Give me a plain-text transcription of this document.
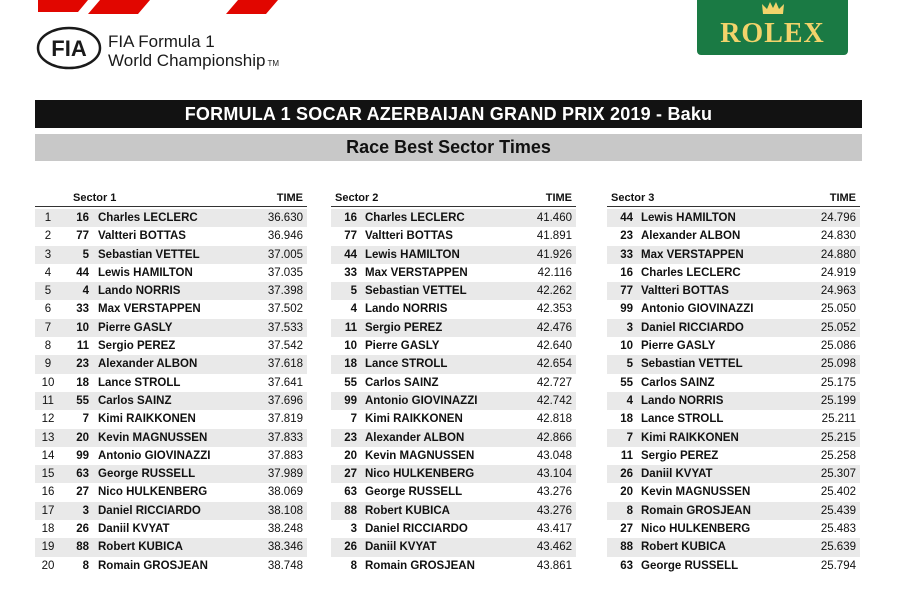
FIA FIA Formula 1
World Championship TM
ROLEX
FORMULA 1 SOCAR AZERBAIJAN GRAND PRIX 2019 - Baku
Race Best Sector Times
Sector 1	TIME
1	16 Charles LECLERC	36.630
2	77 Valtteri BOTTAS	36.946
3	5 Sebastian VETTEL	37.005
4	44 Lewis HAMILTON	37.035
5	4 Lando NORRIS	37.398
6	33 Max VERSTAPPEN	37.502
7	10 Pierre GASLY	37.533
8	11 Sergio PEREZ	37.542
9	23 Alexander ALBON	37.618
10	18 Lance STROLL	37.641
11	55 Carlos SAINZ	37.696
12	7 Kimi RAIKKONEN	37.819
13	20 Kevin MAGNUSSEN	37.833
14	99 Antonio GIOVINAZZI	37.883
15	63 George RUSSELL	37.989
16	27 Nico HULKENBERG	38.069
17	3 Daniel RICCIARDO	38.108
18	26 Daniil KVYAT	38.248
19	88 Robert KUBICA	38.346
20	8 Romain GROSJEAN	38.748
Sector 2	TIME
16 Charles LECLERC	41.460
77 Valtteri BOTTAS	41.891
44 Lewis HAMILTON	41.926
33 Max VERSTAPPEN	42.116
5 Sebastian VETTEL	42.262
4 Lando NORRIS	42.353
11 Sergio PEREZ	42.476
10 Pierre GASLY	42.640
18 Lance STROLL	42.654
55 Carlos SAINZ	42.727
99 Antonio GIOVINAZZI	42.742
7 Kimi RAIKKONEN	42.818
23 Alexander ALBON	42.866
20 Kevin MAGNUSSEN	43.048
27 Nico HULKENBERG	43.104
63 George RUSSELL	43.276
88 Robert KUBICA	43.276
3 Daniel RICCIARDO	43.417
26 Daniil KVYAT	43.462
8 Romain GROSJEAN	43.861
Sector 3	TIME
44 Lewis HAMILTON	24.796
23 Alexander ALBON	24.830
33 Max VERSTAPPEN	24.880
16 Charles LECLERC	24.919
77 Valtteri BOTTAS	24.963
99 Antonio GIOVINAZZI	25.050
3 Daniel RICCIARDO	25.052
10 Pierre GASLY	25.086
5 Sebastian VETTEL	25.098
55 Carlos SAINZ	25.175
4 Lando NORRIS	25.199
18 Lance STROLL	25.211
7 Kimi RAIKKONEN	25.215
11 Sergio PEREZ	25.258
26 Daniil KVYAT	25.307
20 Kevin MAGNUSSEN	25.402
8 Romain GROSJEAN	25.439
27 Nico HULKENBERG	25.483
88 Robert KUBICA	25.639
63 George RUSSELL	25.794
